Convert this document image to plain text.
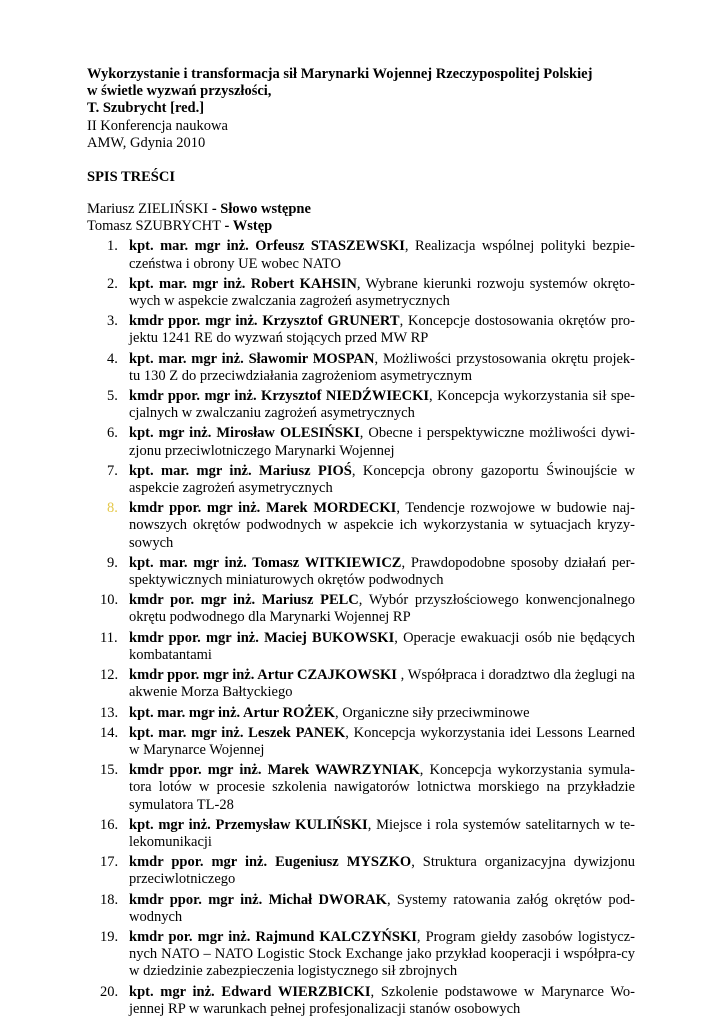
Wykorzystanie i transformacja sił Marynarki Wojennej Rzeczypospolitej Polskiej
w świetle wyzwań przyszłości,
T. Szubrycht [red.]
II Konferencja naukowa
AMW, Gdynia 2010
SPIS TREŚCI
Mariusz ZIELIŃSKI - Słowo wstępne
Tomasz SZUBRYCHT - Wstęp
1. kpt. mar. mgr inż. Orfeusz STASZEWSKI, Realizacja wspólnej polityki bezpie-czeństwa i obrony UE wobec NATO
2. kpt. mar. mgr inż. Robert KAHSIN, Wybrane kierunki rozwoju systemów okręto-wych w aspekcie zwalczania zagrożeń asymetrycznych
3. kmdr ppor. mgr inż. Krzysztof GRUNERT, Koncepcje dostosowania okrętów pro-jektu 1241 RE do wyzwań stojących przed MW RP
4. kpt. mar. mgr inż. Sławomir MOSPAN, Możliwości przystosowania okrętu projek-tu 130 Z do przeciwdziałania zagrożeniom asymetrycznym
5. kmdr ppor. mgr inż. Krzysztof NIEDŹWIECKI, Koncepcja wykorzystania sił spe-cjalnych w zwalczaniu zagrożeń asymetrycznych
6. kpt. mgr inż. Mirosław OLESIŃSKI, Obecne i perspektywiczne możliwości dywi-zjonu przeciwlotniczego Marynarki Wojennej
7. kpt. mar. mgr inż. Mariusz PIOŚ, Koncepcja obrony gazoportu Świnoujście w aspekcie zagrożeń asymetrycznych
8. kmdr ppor. mgr inż. Marek MORDECKI, Tendencje rozwojowe w budowie naj-nowszych okrętów podwodnych w aspekcie ich wykorzystania w sytuacjach kryzy-sowych
9. kpt. mar. mgr inż. Tomasz WITKIEWICZ, Prawdopodobne sposoby działań per-spektywicznych miniaturowych okrętów podwodnych
10. kmdr por. mgr inż. Mariusz PELC, Wybór przyszłościowego konwencjonalnego okrętu podwodnego dla Marynarki Wojennej RP
11. kmdr ppor. mgr inż. Maciej BUKOWSKI, Operacje ewakuacji osób nie będących kombatantami
12. kmdr ppor. mgr inż. Artur CZAJKOWSKI , Współpraca i doradztwo dla żeglugi na akwenie Morza Bałtyckiego
13. kpt. mar. mgr inż. Artur ROŻEK, Organiczne siły przeciwminowe
14. kpt. mar. mgr inż. Leszek PANEK, Koncepcja wykorzystania idei Lessons Learned w Marynarce Wojennej
15. kmdr ppor. mgr inż. Marek WAWRZYNIAK, Koncepcja wykorzystania symula-tora lotów w procesie szkolenia nawigatorów lotnictwa morskiego na przykładzie symulatora TL-28
16. kpt. mgr inż. Przemysław KULIŃSKI, Miejsce i rola systemów satelitarnych w te-lekomunikacji
17. kmdr ppor. mgr inż. Eugeniusz MYSZKO, Struktura organizacyjna dywizjonu przeciwlotniczego
18. kmdr ppor. mgr inż. Michał DWORAK, Systemy ratowania załóg okrętów pod-wodnych
19. kmdr por. mgr inż. Rajmund KALCZYŃSKI, Program giełdy zasobów logistycz-nych NATO – NATO Logistic Stock Exchange jako przykład kooperacji i współpra-cy w dziedzinie zabezpieczenia logistycznego sił zbrojnych
20. kpt. mgr inż. Edward WIERZBICKI, Szkolenie podstawowe w Marynarce Wo-jennej RP w warunkach pełnej profesjonalizacji stanów osobowych
